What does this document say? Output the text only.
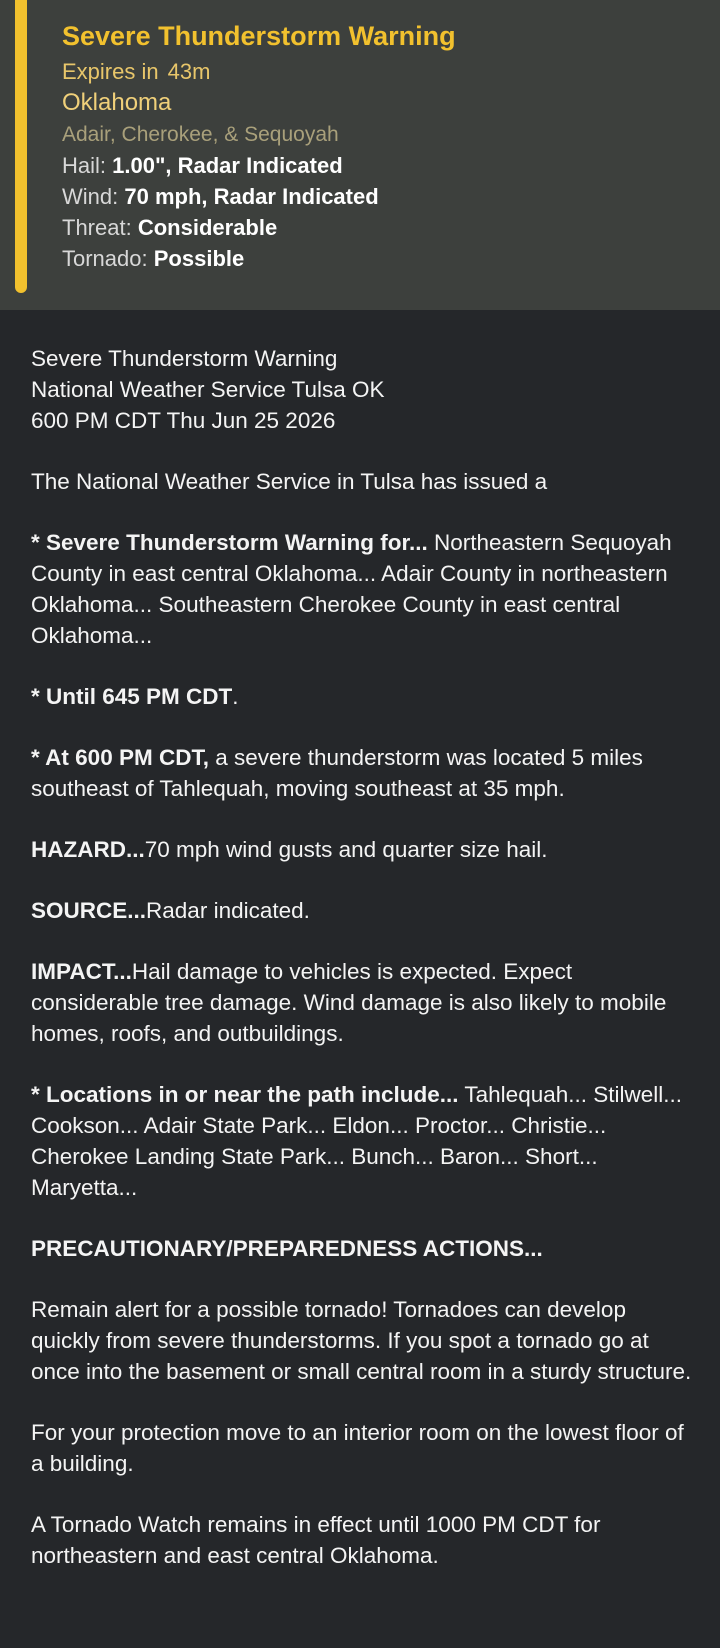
Severe Thunderstorm Warning
Expires in 43m
Oklahoma
Adair, Cherokee, & Sequoyah
Hail: 1.00", Radar Indicated
Wind: 70 mph, Radar Indicated
Threat: Considerable
Tornado: Possible

Severe Thunderstorm Warning
National Weather Service Tulsa OK
600 PM CDT Thu Jun 25 2026

The National Weather Service in Tulsa has issued a

* Severe Thunderstorm Warning for... Northeastern Sequoyah County in east central Oklahoma... Adair County in northeastern Oklahoma... Southeastern Cherokee County in east central Oklahoma...

* Until 645 PM CDT.

* At 600 PM CDT, a severe thunderstorm was located 5 miles southeast of Tahlequah, moving southeast at 35 mph.

HAZARD...70 mph wind gusts and quarter size hail.

SOURCE...Radar indicated.

IMPACT...Hail damage to vehicles is expected. Expect considerable tree damage. Wind damage is also likely to mobile homes, roofs, and outbuildings.

* Locations in or near the path include... Tahlequah... Stilwell... Cookson... Adair State Park... Eldon... Proctor... Christie... Cherokee Landing State Park... Bunch... Baron... Short... Maryetta...

PRECAUTIONARY/PREPAREDNESS ACTIONS...

Remain alert for a possible tornado! Tornadoes can develop quickly from severe thunderstorms. If you spot a tornado go at once into the basement or small central room in a sturdy structure.

For your protection move to an interior room on the lowest floor of a building.

A Tornado Watch remains in effect until 1000 PM CDT for northeastern and east central Oklahoma.
